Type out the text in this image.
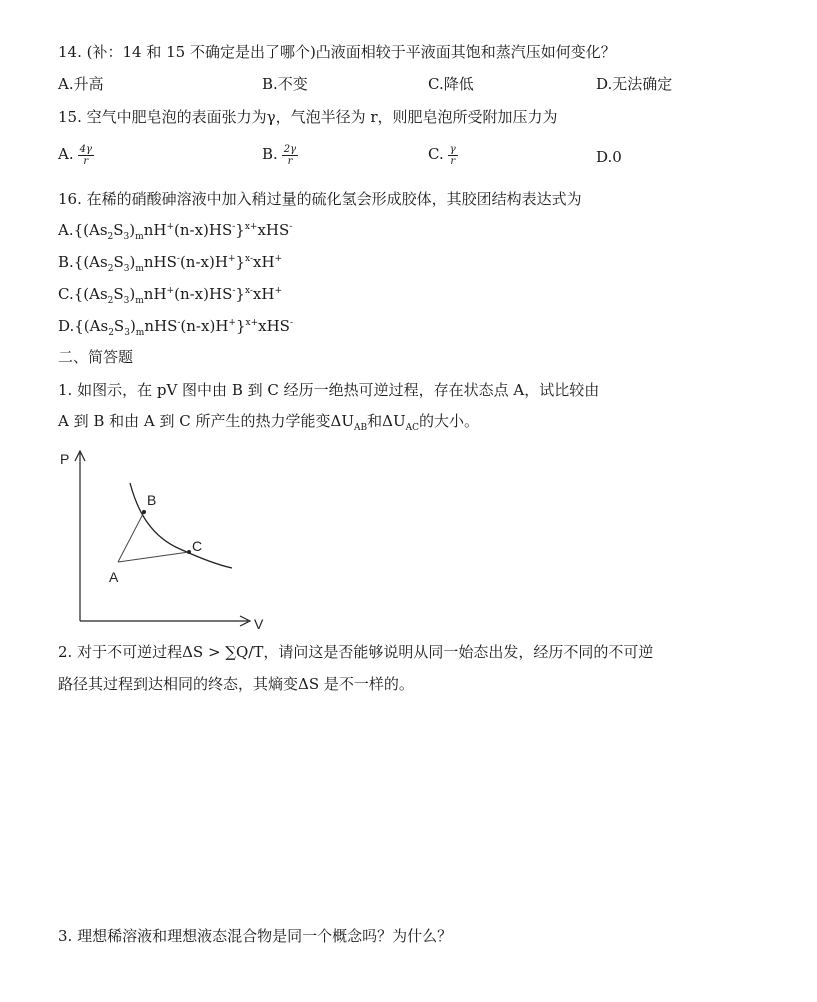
14. (补：14 和 15 不确定是出了哪个)凸液面相较于平液面其饱和蒸汽压如何变化？
A.升高	B.不变	C.降低	D.无法确定
15. 空气中肥皂泡的表面张力为γ，气泡半径为 r，则肥皂泡所受附加压力为
A. $\frac{4\gamma}{r}$	B. $\frac{2\gamma}{r}$	C. $\frac{\gamma}{r}$	D.0
16. 在稀的硝酸砷溶液中加入稍过量的硫化氢会形成胶体，其胶团结构表达式为
$A.\{(As_2S_3)_mnH^+(n-x)HS^-\}^{x+}xHS^-$
$B.\{(As_2S_3)_mnHS^-(n-x)H^+\}^{x-}xH^+$
$C.\{(As_2S_3)_mnH^+(n-x)HS^-\}^{x-}xH^+$
$D.\{(As_2S_3)_mnHS^-(n-x)H^+\}^{x+}xHS^-$
二、简答题
1. 如图示，在 pV 图中由 B 到 C 经历一绝热可逆过程，存在状态点 A，试比较由
A 到 B 和由 A 到 C 所产生的热力学能变$\Delta U_{AB}$和$\Delta U_{AC}$的大小。
P
V
A
B
C
2. 对于不可逆过程ΔS > ∑Q/T，请问这是否能够说明从同一始态出发，经历不同的不可逆
路径其过程到达相同的终态，其熵变ΔS 是不一样的。
3. 理想稀溶液和理想液态混合物是同一个概念吗？为什么？
